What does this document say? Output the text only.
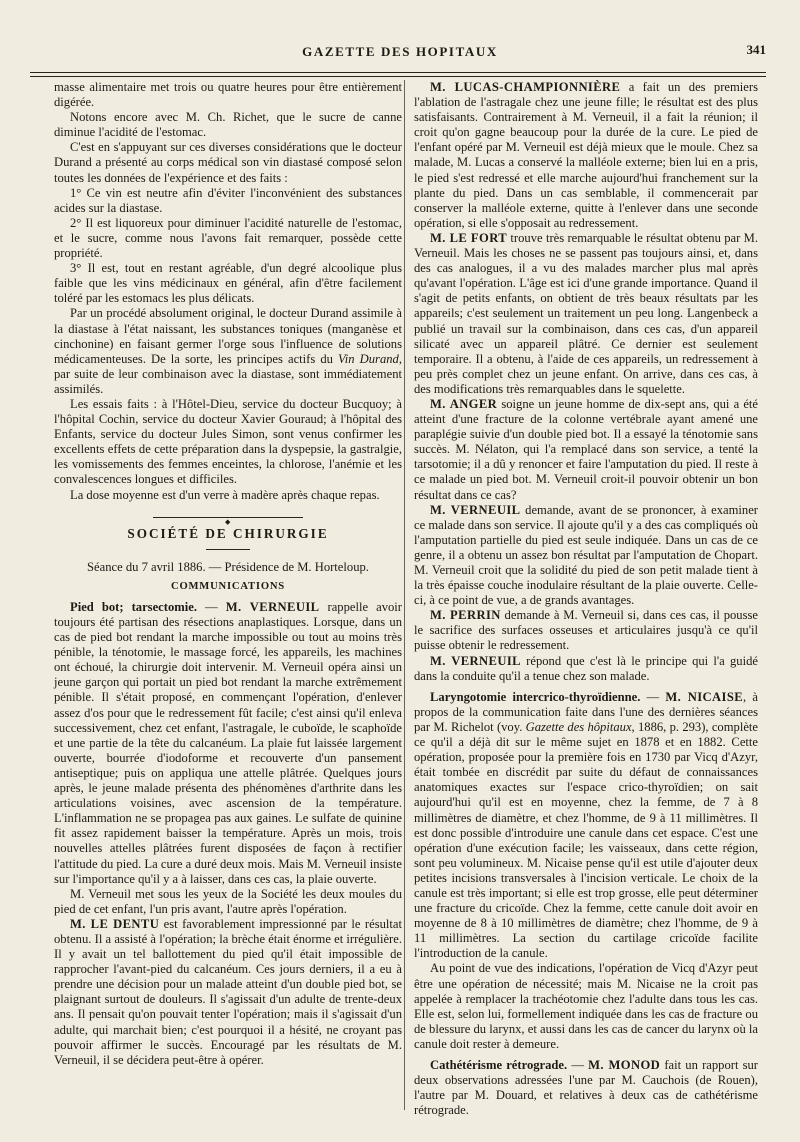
GAZETTE DES HOPITAUX	341

masse alimentaire met trois ou quatre heures pour être entièrement digérée.

Notons encore avec M. Ch. Richet, que le sucre de canne diminue l'acidité de l'estomac.

C'est en s'appuyant sur ces diverses considérations que le docteur Durand a présenté au corps médical son vin diastasé composé selon toutes les données de l'expérience et des faits :

1° Ce vin est neutre afin d'éviter l'inconvénient des substances acides sur la diastase.

2° Il est liquoreux pour diminuer l'acidité naturelle de l'estomac, et le sucre, comme nous l'avons fait remarquer, possède cette propriété.

3° Il est, tout en restant agréable, d'un degré alcoolique plus faible que les vins médicinaux en général, afin d'être facilement toléré par les estomacs les plus délicats.

Par un procédé absolument original, le docteur Durand assimile à la diastase à l'état naissant, les substances toniques (manganèse et cinchonine) en faisant germer l'orge sous l'influence de solutions médicamenteuses. De la sorte, les principes actifs du Vin Durand, par suite de leur combinaison avec la diastase, sont immédiatement assimilés.

Les essais faits : à l'Hôtel-Dieu, service du docteur Bucquoy; à l'hôpital Cochin, service du docteur Xavier Gouraud; à l'hôpital des Enfants, service du docteur Jules Simon, sont venus confirmer les excellents effets de cette préparation dans la dyspepsie, la gastralgie, les vomissements des femmes enceintes, la chlorose, l'anémie et les convalescences longues et difficiles.

La dose moyenne est d'un verre à madère après chaque repas.

◆
SOCIÉTÉ DE CHIRURGIE
Séance du 7 avril 1886. — Présidence de M. Horteloup.
COMMUNICATIONS

Pied bot; tarsectomie. — M. VERNEUIL rappelle avoir toujours été partisan des résections anaplastiques. Lorsque, dans un cas de pied bot rendant la marche impossible ou tout au moins très pénible, la ténotomie, le massage forcé, les appareils, les machines ont échoué, la chirurgie doit intervenir. M. Verneuil opéra ainsi un jeune garçon qui portait un pied bot rendant la marche extrêmement pénible. Il s'était proposé, en commençant l'opération, d'enlever assez d'os pour que le redressement fût facile; c'est ainsi qu'il enleva successivement, chez cet enfant, l'astragale, le cuboïde, le scaphoïde et une partie de la tête du calcanéum. La plaie fut laissée largement ouverte, bourrée d'iodoforme et recouverte d'un pansement antiseptique; puis on appliqua une attelle plâtrée. Quelques jours après, le jeune malade présenta des phénomènes d'arthrite dans les articulations voisines, avec ascension de la température. L'inflammation ne se propagea pas aux gaines. Le sulfate de quinine fit assez rapidement baisser la température. Après un mois, trois nouvelles attelles plâtrées furent disposées de façon à rectifier l'attitude du pied. La cure a duré deux mois. Mais M. Verneuil insiste sur l'importance qu'il y a à laisser, dans ces cas, la plaie ouverte.

M. Verneuil met sous les yeux de la Société les deux moules du pied de cet enfant, l'un pris avant, l'autre après l'opération.

M. LE DENTU est favorablement impressionné par le résultat obtenu. Il a assisté à l'opération; la brèche était énorme et irrégulière. Il y avait un tel ballottement du pied qu'il était impossible de rapprocher l'avant-pied du calcanéum. Ces jours derniers, il a eu à prendre une décision pour un malade atteint d'un double pied bot, se plaignant surtout de douleurs. Il s'agissait d'un adulte de trente-deux ans. Il pensait qu'on pouvait tenter l'opération; mais il s'agissait d'un adulte, qui marchait bien; c'est pourquoi il a hésité, ne croyant pas pouvoir affirmer le succès. Encouragé par les résultats de M. Verneuil, il se décidera peut-être à opérer.

M. LUCAS-CHAMPIONNIÈRE a fait un des premiers l'ablation de l'astragale chez une jeune fille; le résultat est des plus satisfaisants. Contrairement à M. Verneuil, il a fait la réunion; il croit qu'on gagne beaucoup pour la durée de la cure. Le pied de l'enfant opéré par M. Verneuil est déjà mieux que le moule. Chez sa malade, M. Lucas a conservé la malléole externe; bien lui en a pris, le pied s'est redressé et elle marche aujourd'hui franchement sur la plante du pied. Dans un cas semblable, il commencerait par conserver la malléole externe, quitte à l'enlever dans une seconde opération, si elle s'opposait au redressement.

M. LE FORT trouve très remarquable le résultat obtenu par M. Verneuil. Mais les choses ne se passent pas toujours ainsi, et, dans des cas analogues, il a vu des malades marcher plus mal après qu'avant l'opération. L'âge est ici d'une grande importance. Quand il s'agit de petits enfants, on obtient de très beaux résultats par les appareils; c'est seulement un traitement un peu long. Langenbeck a publié un travail sur la combinaison, dans ces cas, d'un appareil silicaté avec un appareil plâtré. Ce dernier est seulement temporaire. Il a obtenu, à l'aide de ces appareils, un redressement à peu près complet chez un jeune enfant. On arrive, dans ces cas, à des modifications très remarquables dans le squelette.

M. ANGER soigne un jeune homme de dix-sept ans, qui a été atteint d'une fracture de la colonne vertébrale ayant amené une paraplégie suivie d'un double pied bot. Il a essayé la ténotomie sans succès. M. Nélaton, qui l'a remplacé dans son service, a tenté la tarsotomie; il a dû y renoncer et faire l'amputation du pied. Il reste à ce malade un pied bot. M. Verneuil croit-il pouvoir obtenir un bon résultat dans ce cas?

M. VERNEUIL demande, avant de se prononcer, à examiner ce malade dans son service. Il ajoute qu'il y a des cas compliqués où l'amputation partielle du pied est seule indiquée. Dans un cas de ce genre, il a obtenu un assez bon résultat par l'amputation de Chopart. M. Verneuil croit que la solidité du pied de son petit malade tient à la très épaisse couche inodulaire résultant de la plaie ouverte. Celle-ci, à ce point de vue, a de grands avantages.

M. PERRIN demande à M. Verneuil si, dans ces cas, il pousse le sacrifice des surfaces osseuses et articulaires jusqu'à ce qu'il puisse obtenir le redressement.

M. VERNEUIL répond que c'est là le principe qui l'a guidé dans la conduite qu'il a tenue chez son malade.

Laryngotomie intercrico-thyroïdienne. — M. NICAISE, à propos de la communication faite dans l'une des dernières séances par M. Richelot (voy. Gazette des hôpitaux, 1886, p. 293), complète ce qu'il a déjà dit sur le même sujet en 1878 et en 1882. Cette opération, proposée pour la première fois en 1730 par Vicq d'Azyr, était tombée en discrédit par suite du défaut de connaissances anatomiques exactes sur l'espace crico-thyroïdien; on sait aujourd'hui qu'il est en moyenne, chez la femme, de 7 à 8 millimètres de diamètre, et chez l'homme, de 9 à 11 millimètres. Il est donc possible d'introduire une canule dans cet espace. C'est une opération d'une exécution facile; les vaisseaux, dans cette région, sont peu volumineux. M. Nicaise pense qu'il est utile d'ajouter deux petites incisions transversales à l'incision verticale. Le choix de la canule est très important; si elle est trop grosse, elle peut déterminer une fracture du cricoïde. Chez la femme, cette canule doit avoir en moyenne de 8 à 10 millimètres de diamètre; chez l'homme, de 9 à 11 millimètres. La section du cartilage cricoïde facilite l'introduction de la canule.

Au point de vue des indications, l'opération de Vicq d'Azyr peut être une opération de nécessité; mais M. Nicaise ne la croit pas appelée à remplacer la trachéotomie chez l'adulte dans tous les cas. Elle est, selon lui, formellement indiquée dans les cas de fracture ou de blessure du larynx, et aussi dans les cas de cancer du larynx où la canule doit rester à demeure.

Cathétérisme rétrograde. — M. MONOD fait un rapport sur deux observations adressées l'une par M. Cauchois (de Rouen), l'autre par M. Douard, et relatives à deux cas de cathétérisme rétrograde.
